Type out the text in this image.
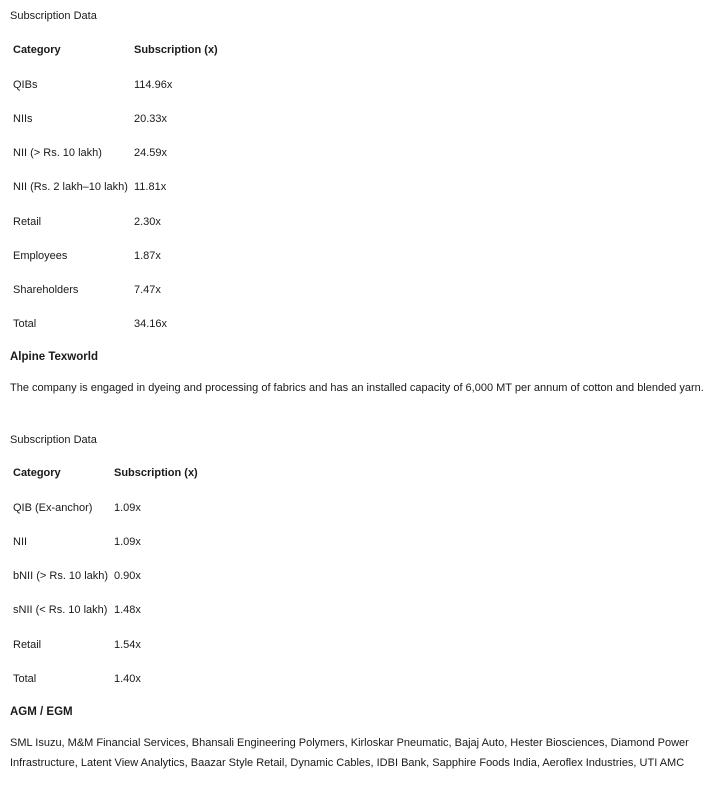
Subscription Data
Category	Subscription (x)
QIBs	114.96x
NIIs	20.33x
NII (> Rs. 10 lakh)	24.59x
NII (Rs. 2 lakh–10 lakh) 11.81x
Retail	2.30x
Employees	1.87x
Shareholders	7.47x
Total	34.16x
Alpine Texworld
The company is engaged in dyeing and processing of fabrics and has an installed capacity of 6,000 MT per annum of cotton and blended yarn.
Subscription Data
Category	Subscription (x)
QIB (Ex-anchor) 1.09x
NII	1.09x
bNII (> Rs. 10 lakh) 0.90x
sNII (< Rs. 10 lakh) 1.48x
Retail	1.54x
Total	1.40x
AGM / EGM
SML Isuzu, M&M Financial Services, Bhansali Engineering Polymers, Kirloskar Pneumatic, Bajaj Auto, Hester Biosciences, Diamond Power Infrastructure, Latent View Analytics, Baazar Style Retail, Dynamic Cables, IDBI Bank, Sapphire Foods India, Aeroflex Industries, UTI AMC
